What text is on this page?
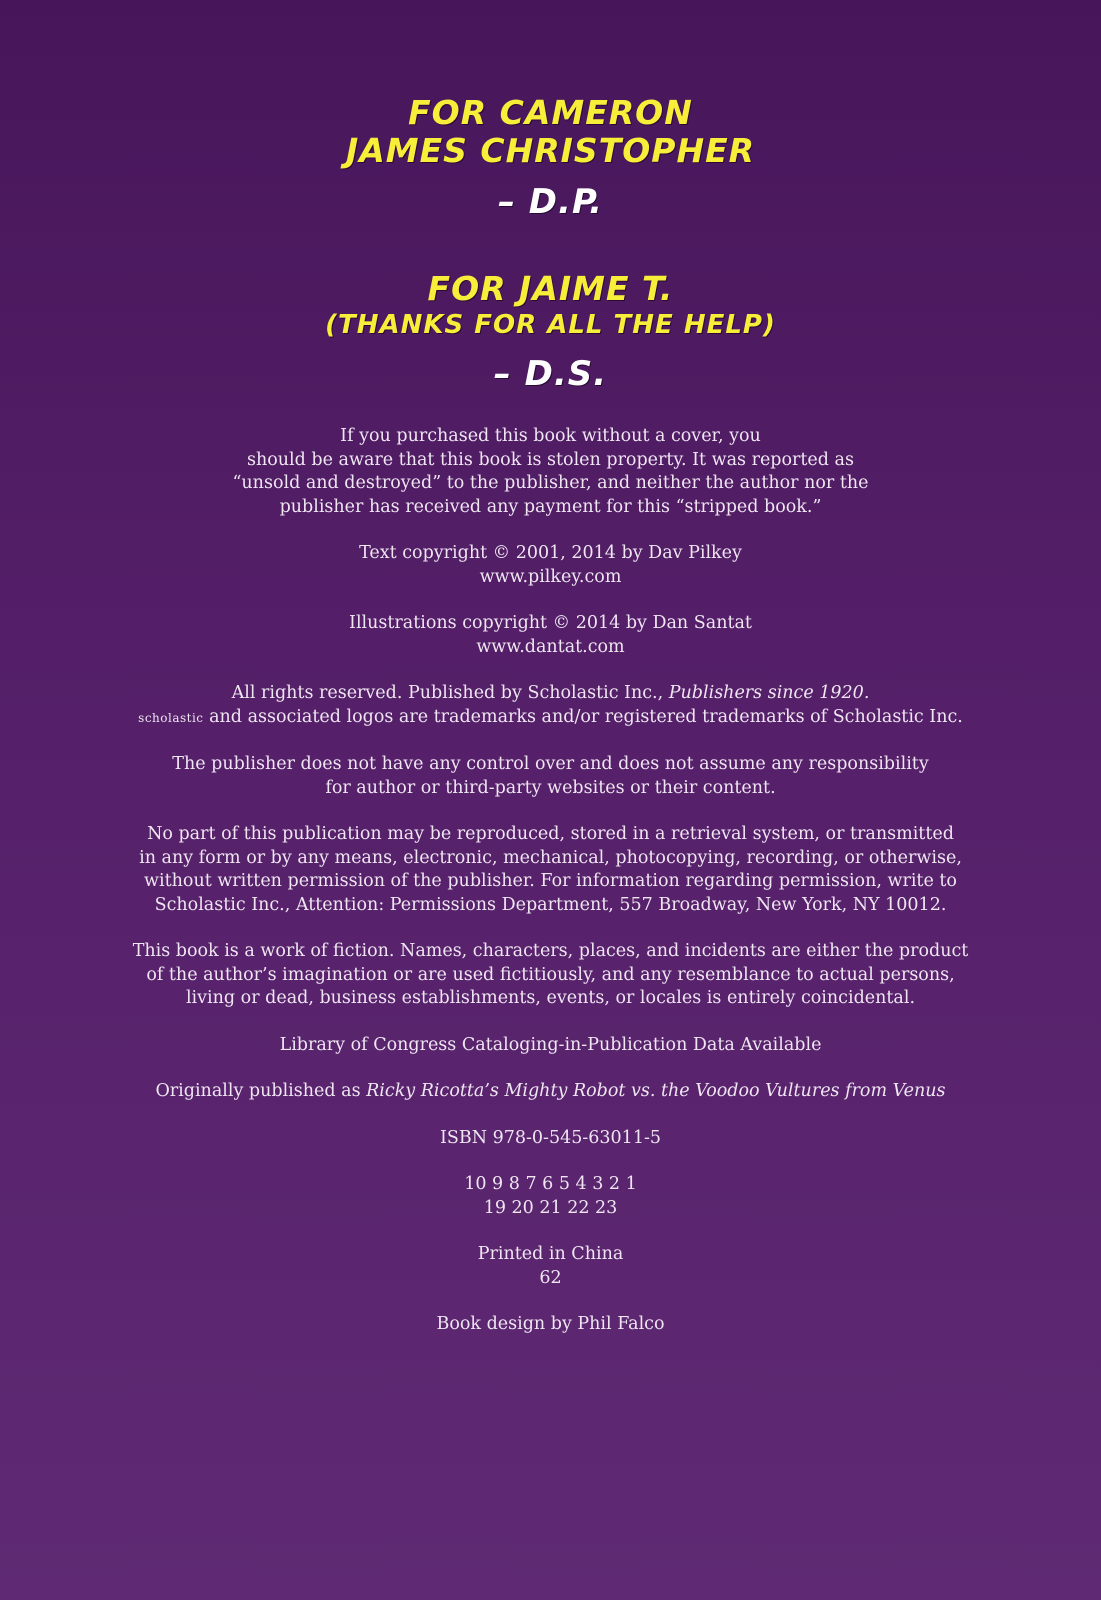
FOR CAMERON
JAMES CHRISTOPHER
– D.P.
FOR JAIME T.
(THANKS FOR ALL THE HELP)
– D.S.
If you purchased this book without a cover, you
should be aware that this book is stolen property. It was reported as
“unsold and destroyed” to the publisher, and neither the author nor the
publisher has received any payment for this “stripped book.”
Text copyright © 2001, 2014 by Dav Pilkey
www.pilkey.com
Illustrations copyright © 2014 by Dan Santat
www.dantat.com
All rights reserved. Published by Scholastic Inc., Publishers since 1920.
scholastic and associated logos are trademarks and/or registered trademarks of Scholastic Inc.
The publisher does not have any control over and does not assume any responsibility
for author or third-party websites or their content.
No part of this publication may be reproduced, stored in a retrieval system, or transmitted
in any form or by any means, electronic, mechanical, photocopying, recording, or otherwise,
without written permission of the publisher. For information regarding permission, write to
Scholastic Inc., Attention: Permissions Department, 557 Broadway, New York, NY 10012.
This book is a work of fiction. Names, characters, places, and incidents are either the product
of the author’s imagination or are used fictitiously, and any resemblance to actual persons,
living or dead, business establishments, events, or locales is entirely coincidental.
Library of Congress Cataloging-in-Publication Data Available
Originally published as Ricky Ricotta’s Mighty Robot vs. the Voodoo Vultures from Venus
ISBN 978-0-545-63011-5
10 9 8 7 6 5 4 3 2 1
19 20 21 22 23
Printed in China
62
Book design by Phil Falco
